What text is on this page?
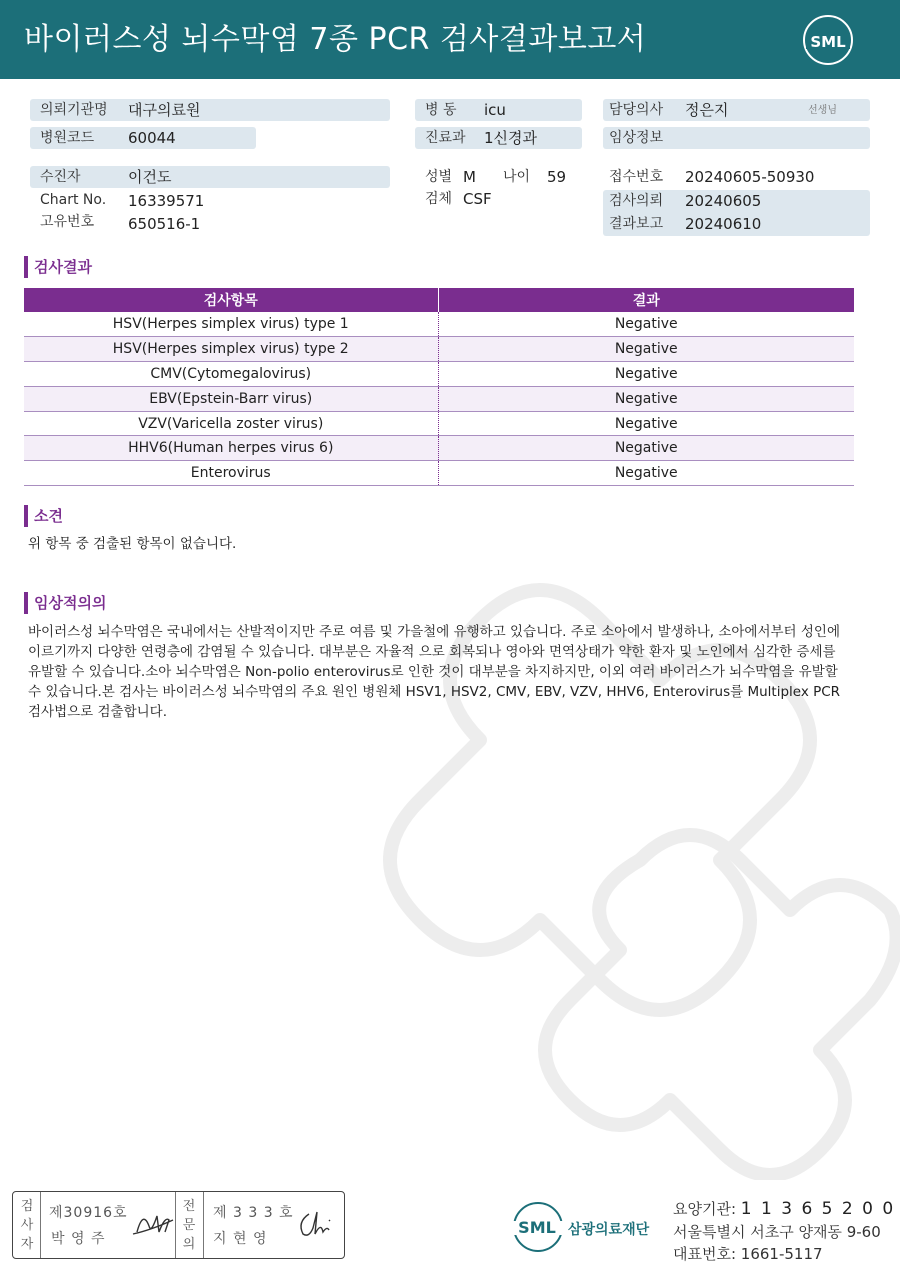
바이러스성 뇌수막염 7종 PCR 검사결과보고서	SML
의뢰기관명 대구의료원
병원코드 60044
병 동 icu
진료과 1신경과
담당의사 정은지	선생님
임상정보
수진자	이건도
Chart No. 16339571
고유번호 650516-1
성별 M 나이 59
검체 CSF
접수번호 20240605-50930
검사의뢰 20240605
결과보고 20240610
검사결과
검사항목	결과
HSV(Herpes simplex virus) type 1	Negative
HSV(Herpes simplex virus) type 2	Negative
CMV(Cytomegalovirus)	Negative
EBV(Epstein-Barr virus)	Negative
VZV(Varicella zoster virus)	Negative
HHV6(Human herpes virus 6)	Negative
Enterovirus	Negative
소견
위 항목 중 검출된 항목이 없습니다.
임상적의의
바이러스성 뇌수막염은 국내에서는 산발적이지만 주로 여름 및 가을철에 유행하고 있습니다. 주로 소아에서 발생하나, 소아에서부터 성인에
이르기까지 다양한 연령층에 감염될 수 있습니다. 대부분은 자율적 으로 회복되나 영아와 면역상태가 약한 환자 및 노인에서 심각한 증세를
유발할 수 있습니다.소아 뇌수막염은 Non-polio enterovirus로 인한 것이 대부분을 차지하지만, 이외 여러 바이러스가 뇌수막염을 유발할
수 있습니다.본 검사는 바이러스성 뇌수막염의 주요 원인 병원체 HSV1, HSV2, CMV, EBV, VZV, HHV6, Enterovirus를 Multiplex PCR
검사법으로 검출합니다.
검사자
제30916호
박 영 주
전문의
제 3 3 3 호
지 현 영
SML 삼광의료재단
요양기관: 1 1 3 6 5 2 0 0
서울특별시 서초구 양재동 9-60
대표번호: 1661-5117
